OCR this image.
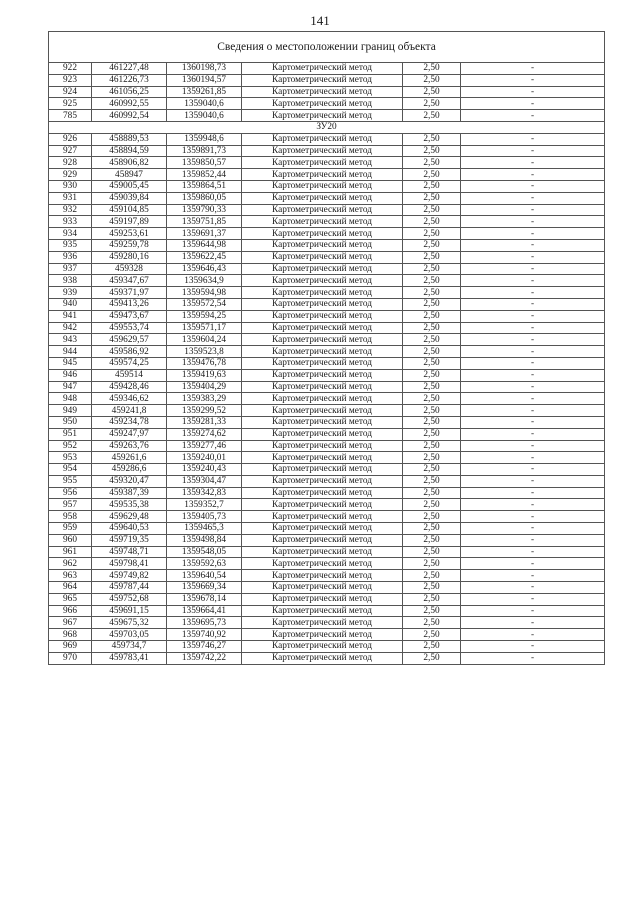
141
Сведения о местоположении границ объекта					
922	461227,48	1360198,73	Картометрический метод	2,50	-
923	461226,73	1360194,57	Картометрический метод	2,50	-
924	461056,25	1359261,85	Картометрический метод	2,50	-
925	460992,55	1359040,6	Картометрический метод	2,50	-
785	460992,54	1359040,6	Картометрический метод	2,50	-
ЗУ20					
926	458889,53	1359948,6	Картометрический метод	2,50	-
927	458894,59	1359891,73	Картометрический метод	2,50	-
928	458906,82	1359850,57	Картометрический метод	2,50	-
929	458947	1359852,44	Картометрический метод	2,50	-
930	459005,45	1359864,51	Картометрический метод	2,50	-
931	459039,84	1359860,05	Картометрический метод	2,50	-
932	459104,85	1359790,33	Картометрический метод	2,50	-
933	459197,89	1359751,85	Картометрический метод	2,50	-
934	459253,61	1359691,37	Картометрический метод	2,50	-
935	459259,78	1359644,98	Картометрический метод	2,50	-
936	459280,16	1359622,45	Картометрический метод	2,50	-
937	459328	1359646,43	Картометрический метод	2,50	-
938	459347,67	1359634,9	Картометрический метод	2,50	-
939	459371,97	1359594,98	Картометрический метод	2,50	-
940	459413,26	1359572,54	Картометрический метод	2,50	-
941	459473,67	1359594,25	Картометрический метод	2,50	-
942	459553,74	1359571,17	Картометрический метод	2,50	-
943	459629,57	1359604,24	Картометрический метод	2,50	-
944	459586,92	1359523,8	Картометрический метод	2,50	-
945	459574,25	1359476,78	Картометрический метод	2,50	-
946	459514	1359419,63	Картометрический метод	2,50	-
947	459428,46	1359404,29	Картометрический метод	2,50	-
948	459346,62	1359383,29	Картометрический метод	2,50	-
949	459241,8	1359299,52	Картометрический метод	2,50	-
950	459234,78	1359281,33	Картометрический метод	2,50	-
951	459247,97	1359274,62	Картометрический метод	2,50	-
952	459263,76	1359277,46	Картометрический метод	2,50	-
953	459261,6	1359240,01	Картометрический метод	2,50	-
954	459286,6	1359240,43	Картометрический метод	2,50	-
955	459320,47	1359304,47	Картометрический метод	2,50	-
956	459387,39	1359342,83	Картометрический метод	2,50	-
957	459535,38	1359352,7	Картометрический метод	2,50	-
958	459629,48	1359405,73	Картометрический метод	2,50	-
959	459640,53	1359465,3	Картометрический метод	2,50	-
960	459719,35	1359498,84	Картометрический метод	2,50	-
961	459748,71	1359548,05	Картометрический метод	2,50	-
962	459798,41	1359592,63	Картометрический метод	2,50	-
963	459749,82	1359640,54	Картометрический метод	2,50	-
964	459787,44	1359669,34	Картометрический метод	2,50	-
965	459752,68	1359678,14	Картометрический метод	2,50	-
966	459691,15	1359664,41	Картометрический метод	2,50	-
967	459675,32	1359695,73	Картометрический метод	2,50	-
968	459703,05	1359740,92	Картометрический метод	2,50	-
969	459734,7	1359746,27	Картометрический метод	2,50	-
970	459783,41	1359742,22	Картометрический метод	2,50	-
